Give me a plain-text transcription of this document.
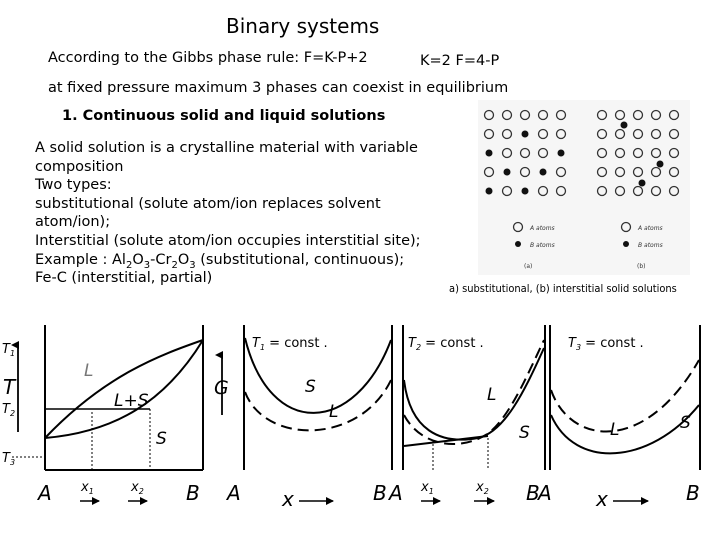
Binary systems
According to the Gibbs phase rule: F=K-P+2	K=2 F=4-P
at fixed pressure maximum 3 phases can coexist in equilibrium
1. Continuous solid and liquid solutions
A solid solution is a crystalline material with variable
composition
Two types:
substitutional (solute atom/ion replaces solvent
atom/ion);
Interstitial (solute atom/ion occupies interstitial site);
Example : $Al_2O_3-Cr_2O_3$ (substitutional, continuous);
Fe-C (interstitial, partial)
A atoms
B atoms
A atoms
B atoms
(a)	(b)
a) substitutional, (b) interstitial solid solutions
$T_1$
T
$T_2$
$T_3$
L
L+S
S
$x_1$	$x_2$
A	B
$T_1$ = const .
G	S
L
A x	B
$T_2$ = const .
L
S
$x_1$	$x_2$
A	B
$T_3$ = const .
L	S
A x	B
